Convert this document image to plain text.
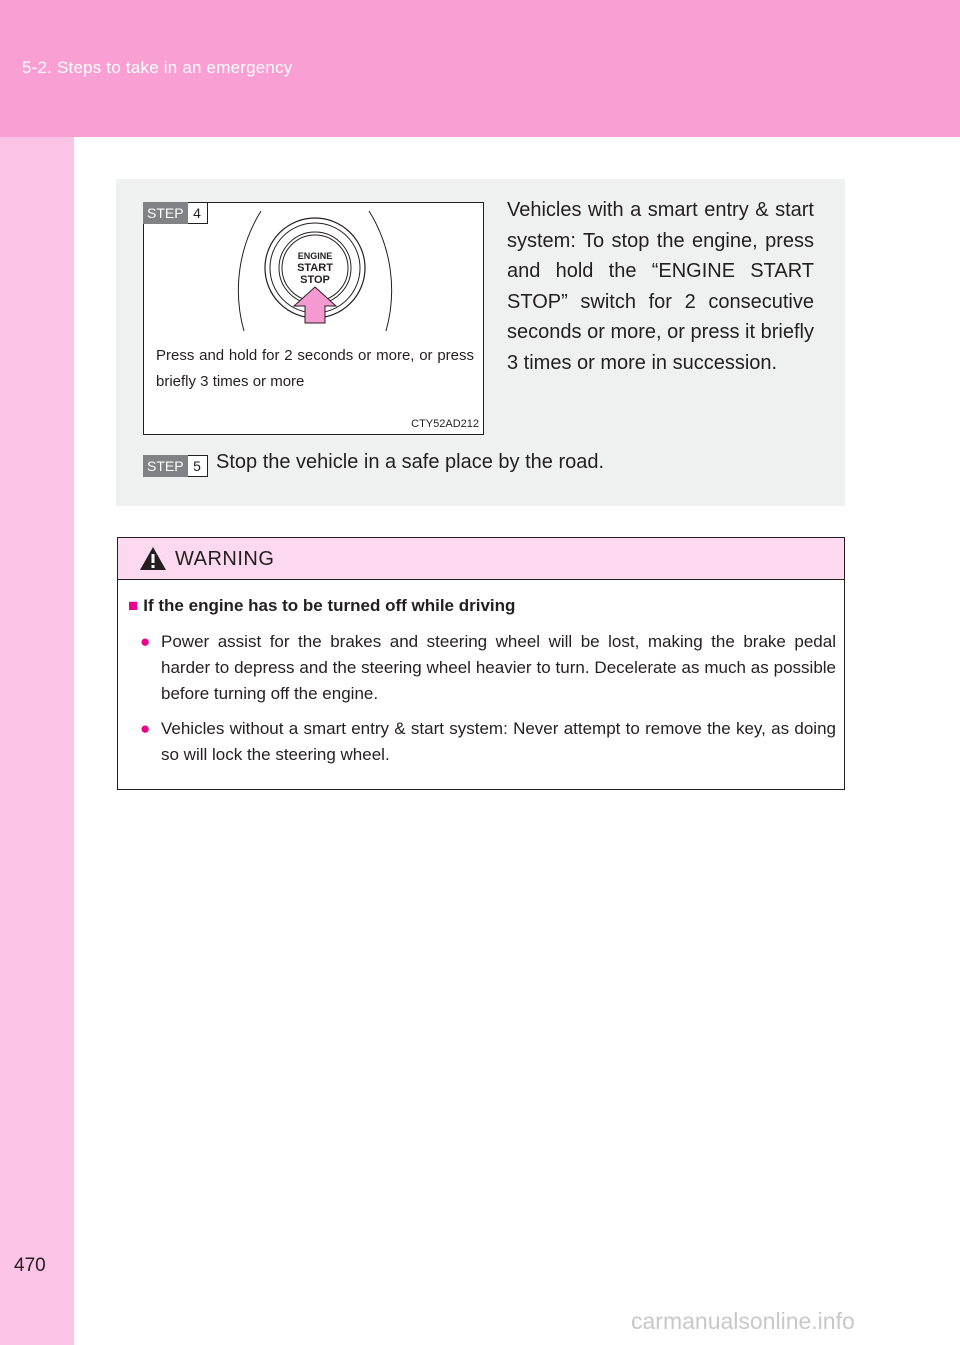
5-2. Steps to take in an emergency
470
STEP 4
ENGINE
START
STOP
Press and hold for 2 seconds or more, or press briefly 3 times or more
CTY52AD212
Vehicles with a smart entry & start system: To stop the engine, press and hold the “ENGINE START STOP” switch for 2 consecutive seconds or more, or press it briefly 3 times or more in succession.
STEP 5 Stop the vehicle in a safe place by the road.
WARNING
■ If the engine has to be turned off while driving
● Power assist for the brakes and steering wheel will be lost, making the brake pedal harder to depress and the steering wheel heavier to turn. Decelerate as much as possible before turning off the engine.
● Vehicles without a smart entry & start system: Never attempt to remove the key, as doing so will lock the steering wheel.
carmanualsonline.info
